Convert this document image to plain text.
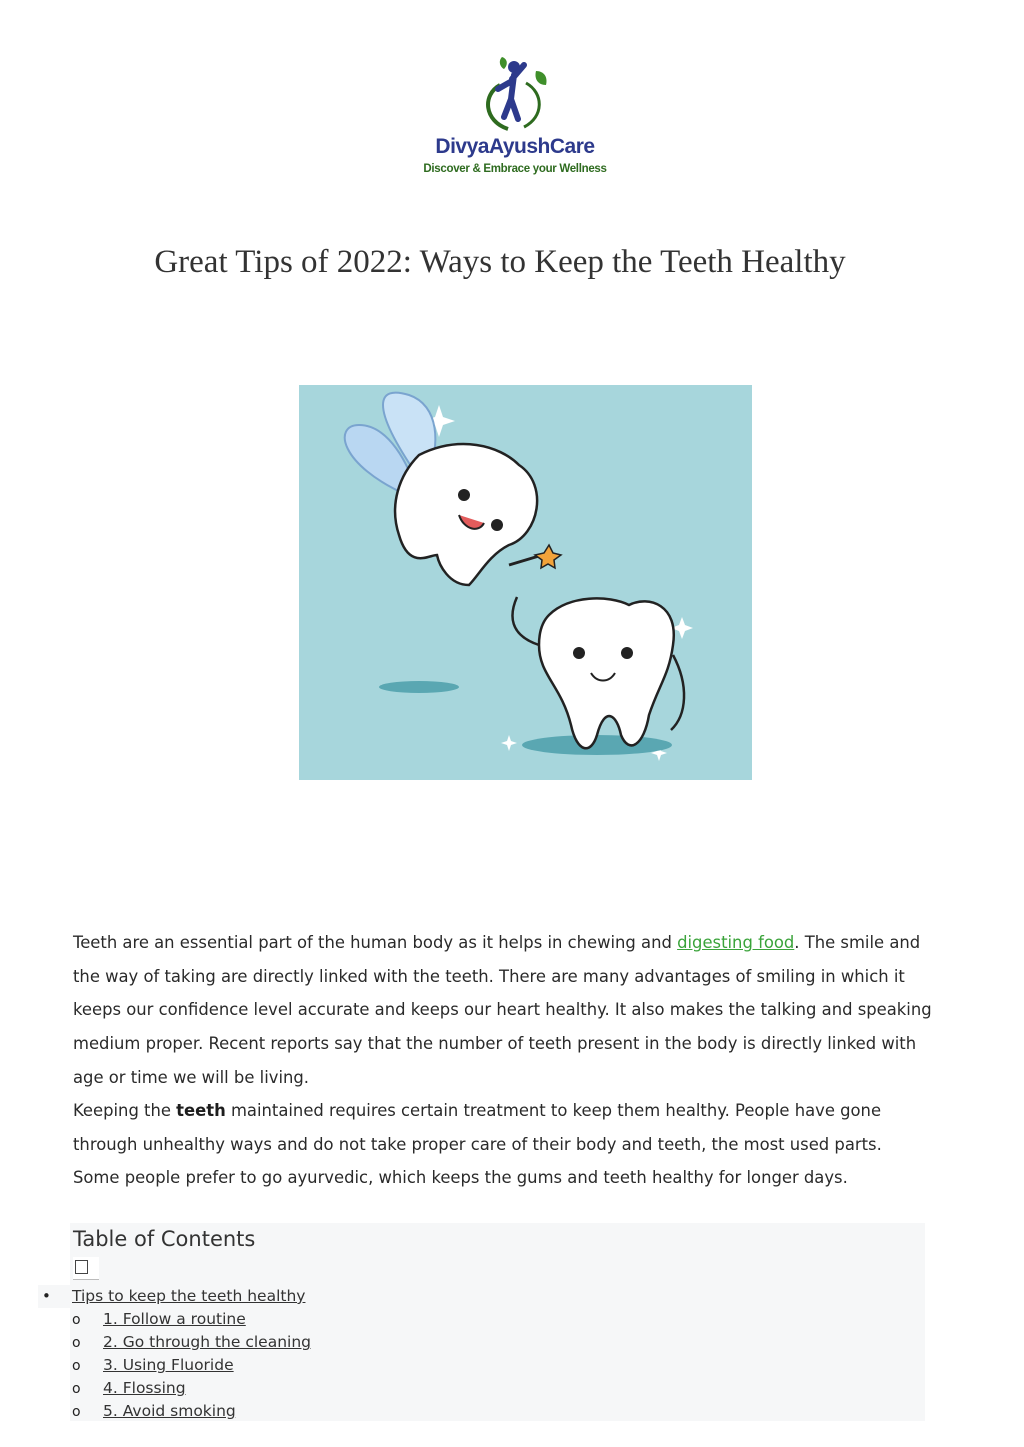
DivyaAyushCare
Discover & Embrace your Wellness
Great Tips of 2022: Ways to Keep the Teeth Healthy
Teeth are an essential part of the human body as it helps in chewing and digesting food. The smile and the way of taking are directly linked with the teeth. There are many advantages of smiling in which it keeps our confidence level accurate and keeps our heart healthy. It also makes the talking and speaking medium proper. Recent reports say that the number of teeth present in the body is directly linked with age or time we will be living.
Keeping the teeth maintained requires certain treatment to keep them healthy. People have gone through unhealthy ways and do not take proper care of their body and teeth, the most used parts. Some people prefer to go ayurvedic, which keeps the gums and teeth healthy for longer days.
Table of Contents
• Tips to keep the teeth healthy
o 1. Follow a routine
o 2. Go through the cleaning
o 3. Using Fluoride
o 4. Flossing
o 5. Avoid smoking
